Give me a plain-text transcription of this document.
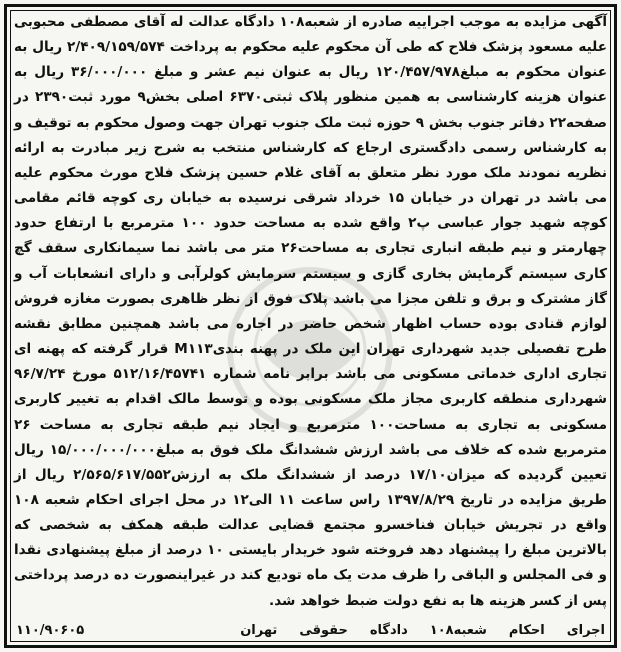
آگهی مزایده به موجب اجراییه صادره از شعبه۱۰۸ دادگاه عدالت له آقای مصطفی محبوبی علیه مسعود پزشک فلاح که طی آن محکوم علیه محکوم به پرداخت ۲/۴۰۹/۱۵۹/۵۷۴ ریال به عنوان محکوم به مبلغ۱۲۰/۴۵۷/۹۷۸ ریال به عنوان نیم عشر و مبلغ ۳۶/۰۰۰/۰۰۰ ریال به عنوان هزینه کارشناسی به همین منظور پلاک ثبتی۶۳۷۰ اصلی بخش۹ مورد ثبت۲۳۹۰ در صفحه۲۲ دفاتر جنوب بخش ۹ حوزه ثبت ملک جنوب تهران جهت وصول محکوم به توقیف و به کارشناس رسمی دادگستری ارجاع که کارشناس منتخب به شرح زیر مبادرت به ارائه نظریه نمودند ملک مورد نظر متعلق به آقای غلام حسین پزشک فلاح مورث محکوم علیه می باشد در تهران در خیابان ۱۵ خرداد شرقی نرسیده به خیابان ری کوچه قائم مقامی کوچه شهید جوار عباسی پ۲ واقع شده به مساحت حدود ۱۰۰ مترمربع با ارتفاع حدود چهارمتر و نیم طبقه انباری تجاری به مساحت۲۶ متر می باشد نما سیمانکاری سقف گچ کاری سیستم گرمایش بخاری گازی و سیستم سرمایش کولرآبی و دارای انشعابات آب و گاز مشترک و برق و تلفن مجزا می باشد پلاک فوق از نظر ظاهری بصورت مغازه فروش لوازم قنادی بوده حساب اظهار شخص حاضر در اجاره می باشد همچنین مطابق نقشه طرح تفصیلی جدید شهرداری تهران این ملک در پهنه بندیM۱۱۳ قرار گرفته که پهنه ای تجاری اداری خدماتی مسکونی می باشد برابر نامه شماره ۵۱۲/۱۶/۴۵۷۴۱ مورخ ۹۶/۷/۲۴ شهرداری منطقه کاربری مجاز ملک مسکونی بوده و توسط مالک اقدام به تغییر کاربری مسکونی به تجاری به مساحت۱۰۰ مترمربع و ایجاد نیم طبقه تجاری به مساحت ۲۶ مترمربع شده که خلاف می باشد ارزش ششدانگ ملک فوق به مبلغ۱۵/۰۰۰/۰۰۰/۰۰۰ ریال تعیین گردیده که میزان۱۷/۱۰ درصد از ششدانگ ملک به ارزش۲/۵۶۵/۶۱۷/۵۵۲ ریال از طریق مزایده در تاریخ ۱۳۹۷/۸/۲۹ راس ساعت ۱۱ الی۱۲ در محل اجرای احکام شعبه ۱۰۸ واقع در تجریش خیابان فناخسرو مجتمع قضایی عدالت طبقه همکف به شخصی که بالاترین مبلغ را پیشنهاد دهد فروخته شود خریدار بایستی ۱۰ درصد از مبلغ پیشنهادی نقدا و فی المجلس و الباقی را ظرف مدت یک ماه تودیع کند در غیراینصورت ده درصد پرداختی پس از کسر هزینه ها به نفع دولت ضبط خواهد شد.

اجرای
احکام
شعبه۱۰۸
دادگاه
حقوقی
تهران
۱۱۰/۹۰۶۰۵
